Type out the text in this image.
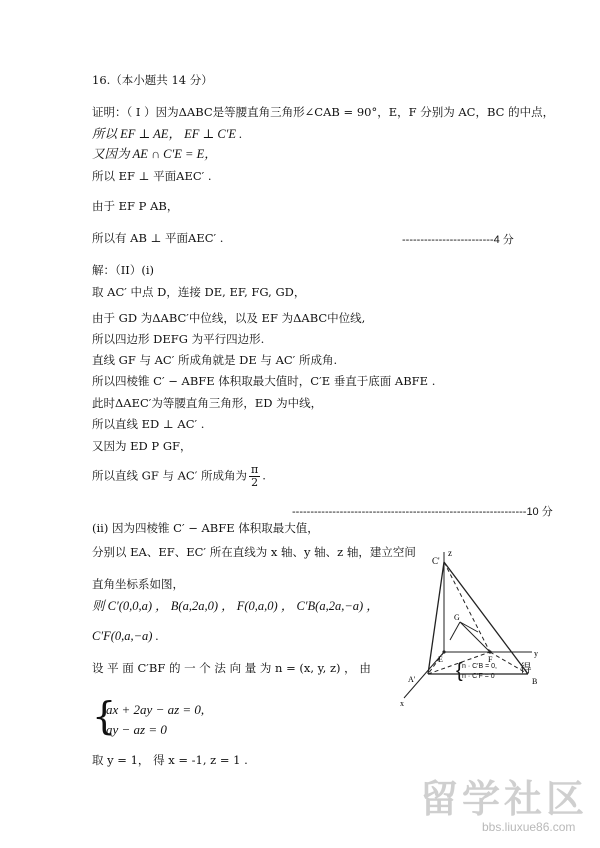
16.（本小题共 14 分）
证明：（ I ）因为ΔABC是等腰直角三角形∠CAB = 90°，E，F 分别为 AC，BC 的中点，
所以 EF ⊥ AE， EF ⊥ C′E .
又因为 AE ∩ C′E = E，
所以 EF ⊥ 平面AEC′ .
由于 EF P AB，
所以有 AB ⊥ 平面AEC′ .	-------------------------4 分
解：（II）(i)
取 AC′ 中点 D，连接 DE, EF, FG, GD，
由于 GD 为ΔABC′中位线，以及 EF 为ΔABC中位线,
所以四边形 DEFG 为平行四边形.
直线 GF 与 AC′ 所成角就是 DE 与 AC′ 所成角.
所以四棱锥 C′ − ABFE 体积取最大值时，C′E 垂直于底面 ABFE .
此时ΔAEC′为等腰直角三角形，ED 为中线，
所以直线 ED ⊥ AC′ .
又因为 ED P GF，
所以直线 GF 与 AC′ 所成角为 $\frac{\pi}{2}$ .
----------------------------------------------------------------10 分
(ii) 因为四棱锥 C′ − ABFE 体积取最大值，
分别以 EA、EF、EC′ 所在直线为 x 轴、y 轴、z 轴，建立空间
直角坐标系如图，
则 C′(0,0,a) ， B(a,2a,0) ， F(0,a,0) ， C′B(a,2a,−a) ，
C′F(0,a,−a) .
设 平 面 C′BF 的 一 个 法 向 量 为 n = (x, y, z) ， 由	{ n · C′B = 0,
n · C′F = 0
得
{
ax + 2ay − az = 0,
ay − az = 0
取 y = 1， 得 x = -1, z = 1 .
C'
z
G
E	F
y
A'	B
x
留学社区
bbs.liuxue86.com
